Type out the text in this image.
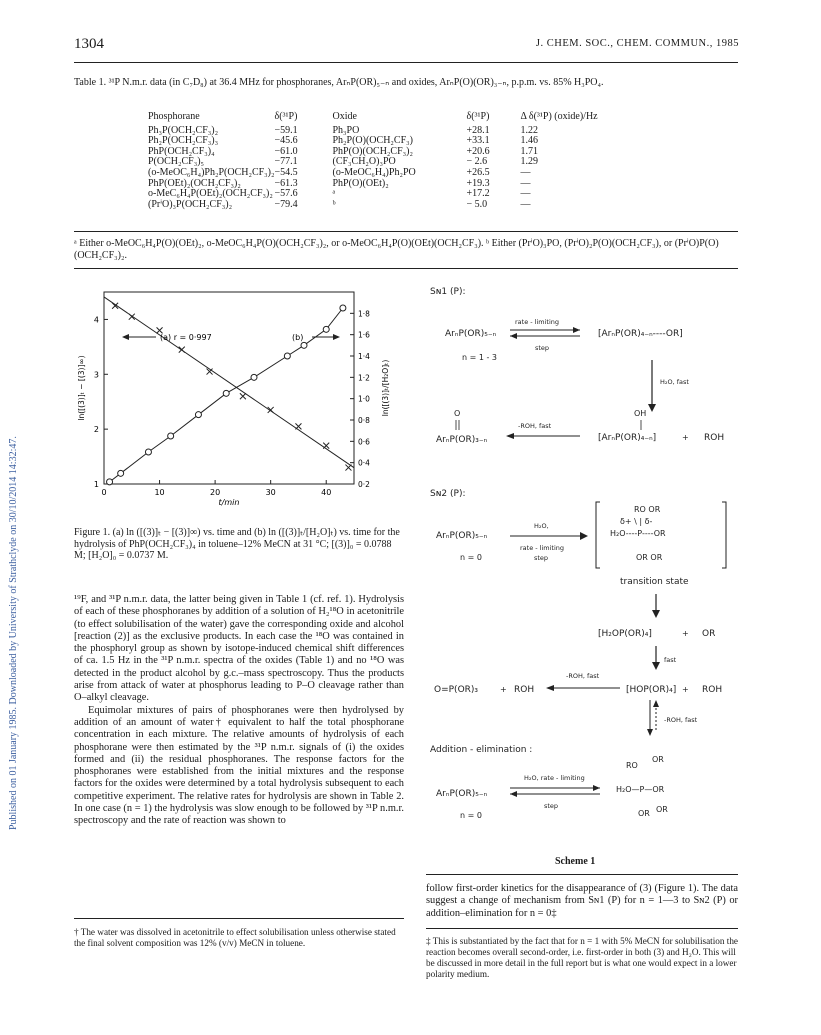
1304	J. CHEM. SOC., CHEM. COMMUN., 1985
Published on 01 January 1985. Downloaded by University of Strathclyde on 30/10/2014 14:32:47.
Table 1. ³¹P N.m.r. data (in C₇D₈) at 36.4 MHz for phosphoranes, ArₙP(OR)₅₋ₙ and oxides, ArₙP(O)(OR)₃₋ₙ, p.p.m. vs. 85% H₃PO₄.
Phosphorane	δ(³¹P)	Oxide	δ(³¹P)	Δ δ(³¹P) (oxide)/Hz
Ph₃P(OCH₂CF₃)₂	−59.1	Ph₃PO	+28.1	1.22
Ph₂P(OCH₂CF₃)₃	−45.6	Ph₂P(O)(OCH₂CF₃)	+33.1	1.46
PhP(OCH₂CF₃)₄	−61.0	PhP(O)(OCH₂CF₃)₂	+20.6	1.71
P(OCH₂CF₃)₅	−77.1	(CF₃CH₂O)₃PO	− 2.6	1.29
(o-MeOC₆H₄)Ph₂P(OCH₂CF₃)₂	−54.5	(o-MeOC₆H₄)Ph₂PO	+26.5	—
PhP(OEt)₂(OCH₂CF₃)₂	−61.3	PhP(O)(OEt)₂	+19.3	—
o-MeC₆H₄P(OEt)₂(OCH₂CF₃)₂	−57.6	ᵃ	+17.2	—
(PrⁱO)₃P(OCH₂CF₃)₂	−79.4	ᵇ	− 5.0	—
ᵃ Either o-MeOC₆H₄P(O)(OEt)₂, o-MeOC₆H₄P(O)(OCH₂CF₃)₂, or o-MeOC₆H₄P(O)(OEt)(OCH₂CF₃). ᵇ Either (PrⁱO)₃PO, (PrⁱO)₂P(O)(OCH₂CF₃), or (PrⁱO)P(O)(OCH₂CF₃)₂.
0	10	20	30	40
1
2
3
4
0·2
0·4
0·6
0·8
1·0
1·2
1·4
1·6
1·8
t/min
ln([(3)]ₜ − [(3)]∞)	ln([(3)]ₜ/[H₂O]ₜ)
(a) r = 0·997	(b)
Figure 1. (a) ln ([(3)]ₜ − [(3)]∞) vs. time and (b) ln ([(3)]ₜ/[H₂O]ₜ) vs. time for the hydrolysis of PhP(OCH₂CF₃)₄ in toluene–12% MeCN at 31 °C; [(3)]₀ = 0.0788 M; [H₂O]₀ = 0.0737 M.

¹⁹F, and ³¹P n.m.r. data, the latter being given in Table 1 (cf. ref. 1). Hydrolysis of each of these phosphoranes by addition of a solution of H₂¹⁸O in acetonitrile (to effect solubilisation of the water) gave the corresponding oxide and alcohol [reaction (2)] as the exclusive products. In each case the ¹⁸O was contained in the phosphoryl group as shown by isotope-induced chemical shift differences of ca. 1.5 Hz in the ³¹P n.m.r. spectra of the oxides (Table 1) and no ¹⁸O was detected in the product alcohol by g.c.–mass spectroscopy. Thus the products arise from attack of water at phosphorus leading to P–O cleavage rather than O–alkyl cleavage.

Equimolar mixtures of pairs of phosphoranes were then hydrolysed by addition of an amount of water† equivalent to half the total phosphorane concentration in each mixture. The relative amounts of hydrolysis of each phosphorane were then estimated by the ³¹P n.m.r. signals of (i) the oxides formed and (ii) the residual phosphoranes. The response factors for the phosphoranes were established from the initial mixtures and the response factors for the oxides were determined by a total hydrolysis subsequent to each competitive experiment. The relative rates for hydrolysis are shown in Table 2. In one case (n = 1) the hydrolysis was slow enough to be followed by ³¹P n.m.r. spectroscopy and the rate of reaction was shown to

† The water was dissolved in acetonitrile to effect solubilisation unless otherwise stated the final solvent composition was 12% (v/v) MeCN in toluene.
Sɴ1 (P):
ArₙP(OR)₅₋ₙ
n = 1 - 3
rate - limiting
step
[ArₙP(OR)₄₋ₙ----OR]
H₂O, fast
O
ArₙP(OR)₃₋ₙ
-ROH, fast
OH
[ArₙP(OR)₄₋ₙ]	+ ROH
Sɴ2 (P):
ArₙP(OR)₅₋ₙ
n = 0
H₂O,
rate - limiting
step
RO OR
δ+ \ | δ-
H₂O----P----OR
OR OR
transition state
[H₂OP(OR)₄]	+ OR
fast
O=P(OR)₃	+ ROH
-ROH, fast
[HOP(OR)₄] + ROH
-ROH, fast
Addition - elimination :
ArₙP(OR)₅₋ₙ
n = 0
H₂O, rate - limiting
step
RO
OR
H₂O—P—OR
OR OR
Scheme 1
follow first-order kinetics for the disappearance of (3) (Figure 1). The data suggest a change of mechanism from Sɴ1 (P) for n = 1—3 to Sɴ2 (P) or addition–elimination for n = 0‡
‡ This is substantiated by the fact that for n = 1 with 5% MeCN for solubilisation the reaction becomes overall second-order, i.e. first-order in both (3) and H₂O. This will be discussed in more detail in the full report but is what one would expect in a lower polarity medium.
